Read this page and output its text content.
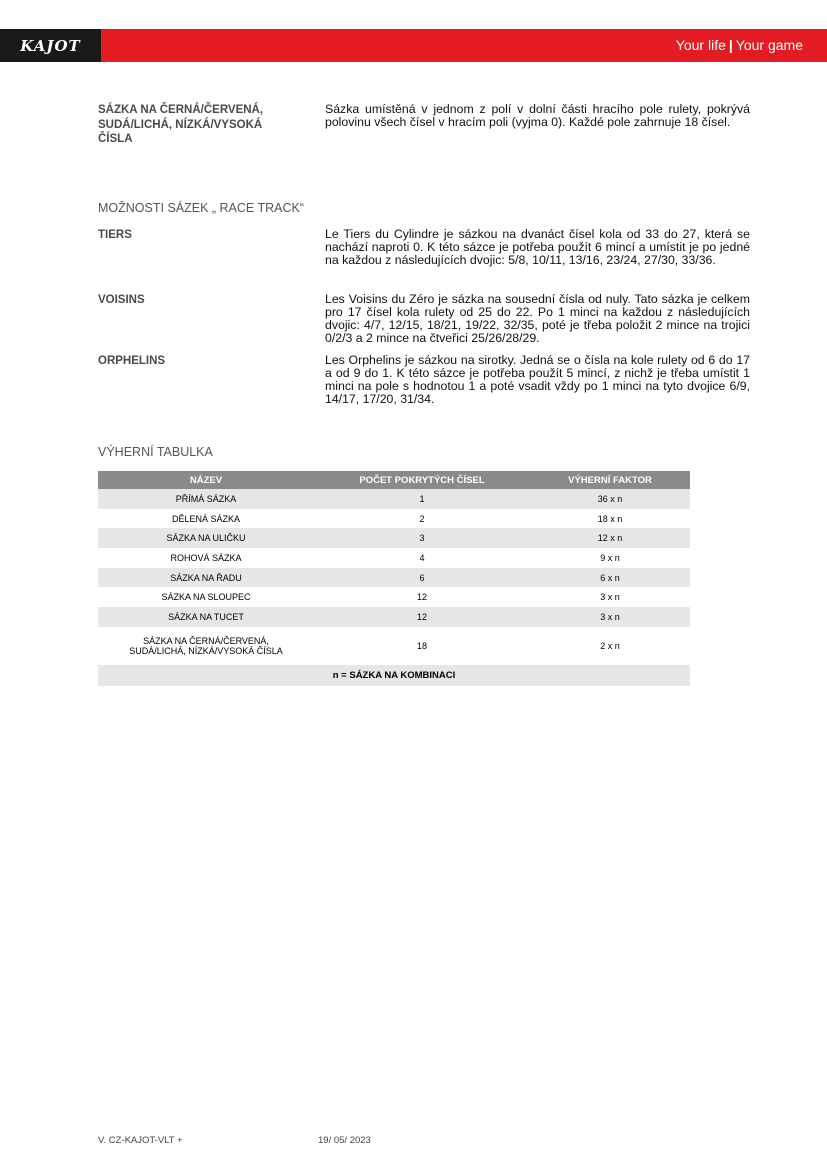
KAJOT	Your life | Your game
SÁZKA NA ČERNÁ/ČERVENÁ, SUDÁ/LICHÁ, NÍZKÁ/VYSOKÁ ČÍSLA
Sázka umístěná v jednom z polí v dolní části hracího pole rulety, pokrývá polovinu všech čísel v hracím poli (vyjma 0). Každé pole zahrnuje 18 čísel.
MOŽNOSTI SÁZEK „ RACE TRACK“
TIERS	Le Tiers du Cylindre je sázkou na dvanáct čísel kola od 33 do 27, která se nachází naproti 0. K této sázce je potřeba použít 6 mincí a umístit je po jedné na každou z následujících dvojic: 5/8, 10/11, 13/16, 23/24, 27/30, 33/36.
VOISINS	Les Voisins du Zéro je sázka na sousední čísla od nuly. Tato sázka je celkem pro 17 čísel kola rulety od 25 do 22. Po 1 minci na každou z následujících dvojic: 4/7, 12/15, 18/21, 19/22, 32/35, poté je třeba položit 2 mince na trojici 0/2/3 a 2 mince na čtveřici 25/26/28/29.
ORPHELINS	Les Orphelins je sázkou na sirotky. Jedná se o čísla na kole rulety od 6 do 17 a od 9 do 1. K této sázce je potřeba použít 5 mincí, z nichž je třeba umístit 1 minci na pole s hodnotou 1 a poté vsadit vždy po 1 minci na tyto dvojice 6/9, 14/17, 17/20, 31/34.
VÝHERNÍ TABULKA
NÁZEV	POČET POKRYTÝCH ČÍSEL	VÝHERNÍ FAKTOR
PŘÍMÁ SÁZKA	1	36 x n
DĚLENÁ SÁZKA	2	18 x n
SÁZKA NA ULIČKU	3	12 x n
ROHOVÁ SÁZKA	4	9 x n
SÁZKA NA ŘADU	6	6 x n
SÁZKA NA SLOUPEC	12	3 x n
SÁZKA NA TUCET	12	3 x n
SÁZKA NA ČERNÁ/ČERVENÁ, SUDÁ/LICHÁ, NÍZKÁ/VYSOKÁ ČÍSLA	18	2 x n
n = SÁZKA NA KOMBINACI		
V. CZ-KAJOT-VLT +	19/ 05/ 2023
